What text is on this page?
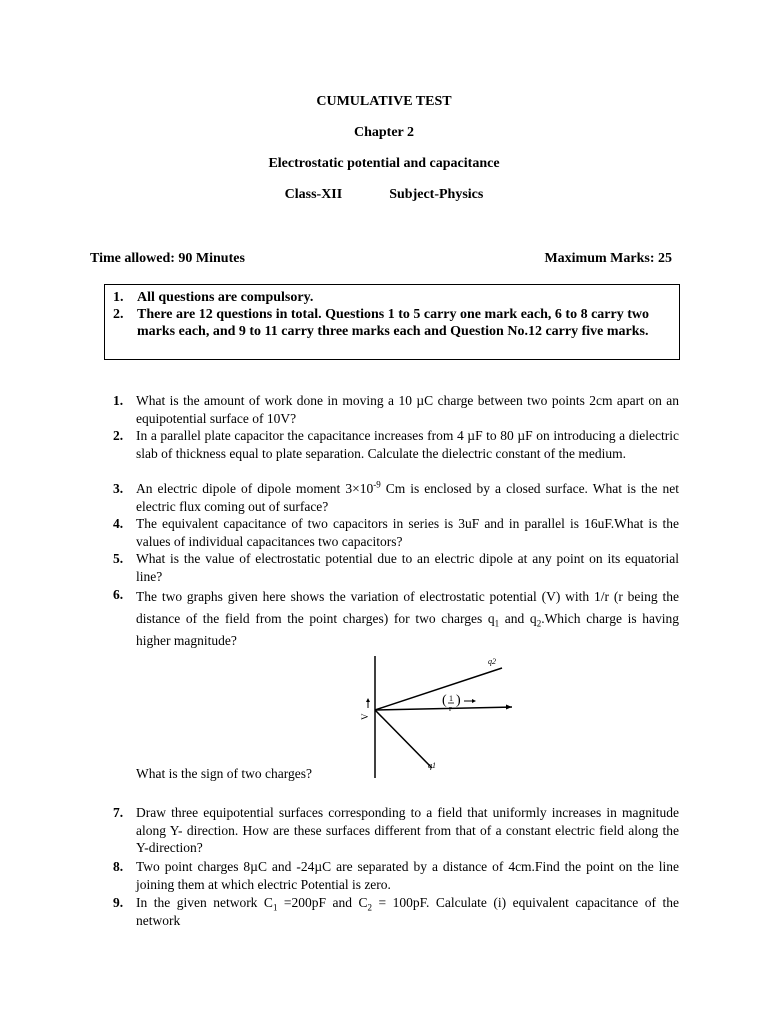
CUMULATIVE TEST
Chapter 2
Electrostatic potential and capacitance
Class-XII	Subject-Physics
Time allowed: 90 Minutes	Maximum Marks: 25
1. All questions are compulsory.
2. There are 12 questions in total. Questions 1 to 5 carry one mark each, 6 to 8 carry two marks each, and 9 to 11 carry three marks each and Question No.12 carry five marks.
1. What is the amount of work done in moving a 10 µC charge between two points 2cm apart on an equipotential surface of 10V?
2. In a parallel plate capacitor the capacitance increases from 4 µF to 80 µF on introducing a dielectric slab of thickness equal to plate separation. Calculate the dielectric constant of the medium.
3. An electric dipole of dipole moment $3\times 10^{-9}$ Cm is enclosed by a closed surface. What is the net electric flux coming out of surface?
4. The equivalent capacitance of two capacitors in series is 3uF and in parallel is 16uF.What is the values of individual capacitances two capacitors?
5. What is the value of electrostatic potential due to an electric dipole at any point on its equatorial line?
6. The two graphs given here shows the variation of electrostatic potential (V) with 1/r (r being the distance of the field from the point charges) for two charges $q_1$ and $q_2.Which$ charge is having higher magnitude?
q2
q1
V
( 1
r
)
What is the sign of two charges?
7. Draw three equipotential surfaces corresponding to a field that uniformly increases in magnitude along Y- direction. How are these surfaces different from that of a constant electric field along the Y-direction?
8. Two point charges 8µC and -24µC are separated by a distance of 4cm.Find the point on the line joining them at which electric Potential is zero.
9. In the given network $C_1 =200pF$ and $C_2 = 100pF$. Calculate (i) equivalent capacitance of the network
